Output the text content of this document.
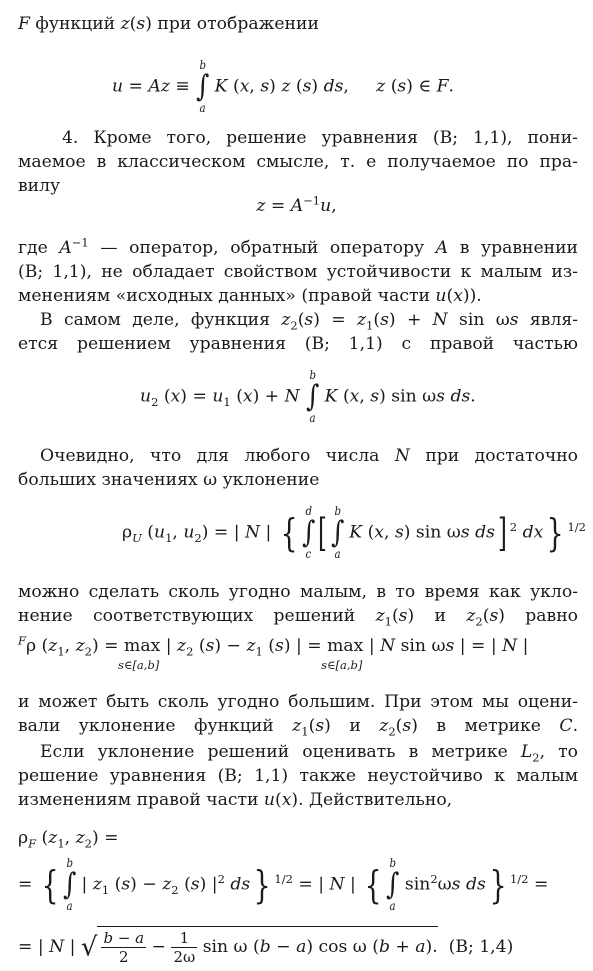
F функций z(s) при отображении
u = Az ≡
b
∫
a
K (x, s) z (s) ds,     z (s) ∈ F.
4. Кроме того, решение уравнения (В; 1,1), пони-
маемое в классическом смысле, т. е получаемое по пра-
вилу
$z = A^{-1}u$,
где $A^{-1}$ — оператор, обратный оператору A в уравнении
(В; 1,1), не обладает свойством устойчивости к малым из-
менениям «исходных данных» (правой части u(x)).
В самом деле, функция $z_2(s) = z_1(s) + N$ sin ωs явля-
ется решением уравнения (В; 1,1) с правой частью
$u_2$ $(x) = u_1$ (x) + N
b
∫
a
K (x, s) sin ωs ds.
Очевидно, что для любого числа N при достаточно
больших значениях ω уклонение
$\rho_U$ ($u_1$, $u_2$) = | N | { d
∫
c [ b
∫
a
K (x, s) sin ωs ds] $^2$ dx} $^{1/2}$
можно сделать сколь угодно малым, в то время как укло-
нение соответствующих решений $z_1(s)$ и $z_2(s)$ равно
$^F$ρ ($z_1$, $z_2) = \max$
s∈[a,b]
| $z_2$ $(s) - z_1$ (s) | = max
s∈[a,b]
| N sin ωs | = | N |
и может быть сколь угодно большим. При этом мы оцени-
вали уклонение функций $z_1(s)$ и $z_2(s)$ в метрике C.
Если уклонение решений оценивать в метрике $L_2$, то
решение уравнения (В; 1,1) также неустойчиво к малым
изменениям правой части u(x). Действительно,
$\rho_F$ ($z_1$, $z_2$) =
= { b
∫
a
| $z_1$ $(s) - z_2$ (s) $|^2$ ds} $^{1/2}$ = | N | { b
∫
a
$\sin^2\omega s$ ds} $^{1/2}$ =
= | N | √ $\frac{b - a}{2} - \frac{1}{2\omega}$ sin ω (b − a) cos ω (b + a). (В; 1,4)
